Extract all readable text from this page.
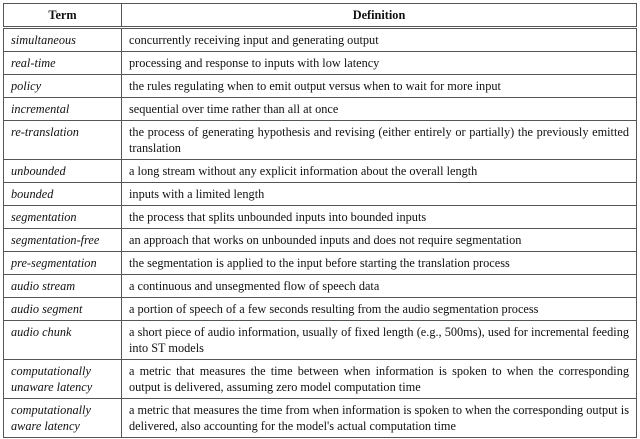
Term	Definition
simultaneous	concurrently receiving input and generating output
real-time	processing and response to inputs with low latency
policy	the rules regulating when to emit output versus when to wait for more input
incremental	sequential over time rather than all at once
re-translation	the process of generating hypothesis and revising (either entirely or partially) the previously emitted translation
unbounded	a long stream without any explicit information about the overall length
bounded	inputs with a limited length
segmentation	the process that splits unbounded inputs into bounded inputs
segmentation-free	an approach that works on unbounded inputs and does not require segmentation
pre-segmentation	the segmentation is applied to the input before starting the translation process
audio stream	a continuous and unsegmented flow of speech data
audio segment	a portion of speech of a few seconds resulting from the audio segmentation process
audio chunk	a short piece of audio information, usually of fixed length (e.g., 500ms), used for incremental feeding into ST models
computationally unaware latency	a metric that measures the time between when information is spoken to when the corresponding output is delivered, assuming zero model computation time
computationally aware latency	a metric that measures the time from when information is spoken to when the corresponding output is delivered, also accounting for the model's actual computation time
